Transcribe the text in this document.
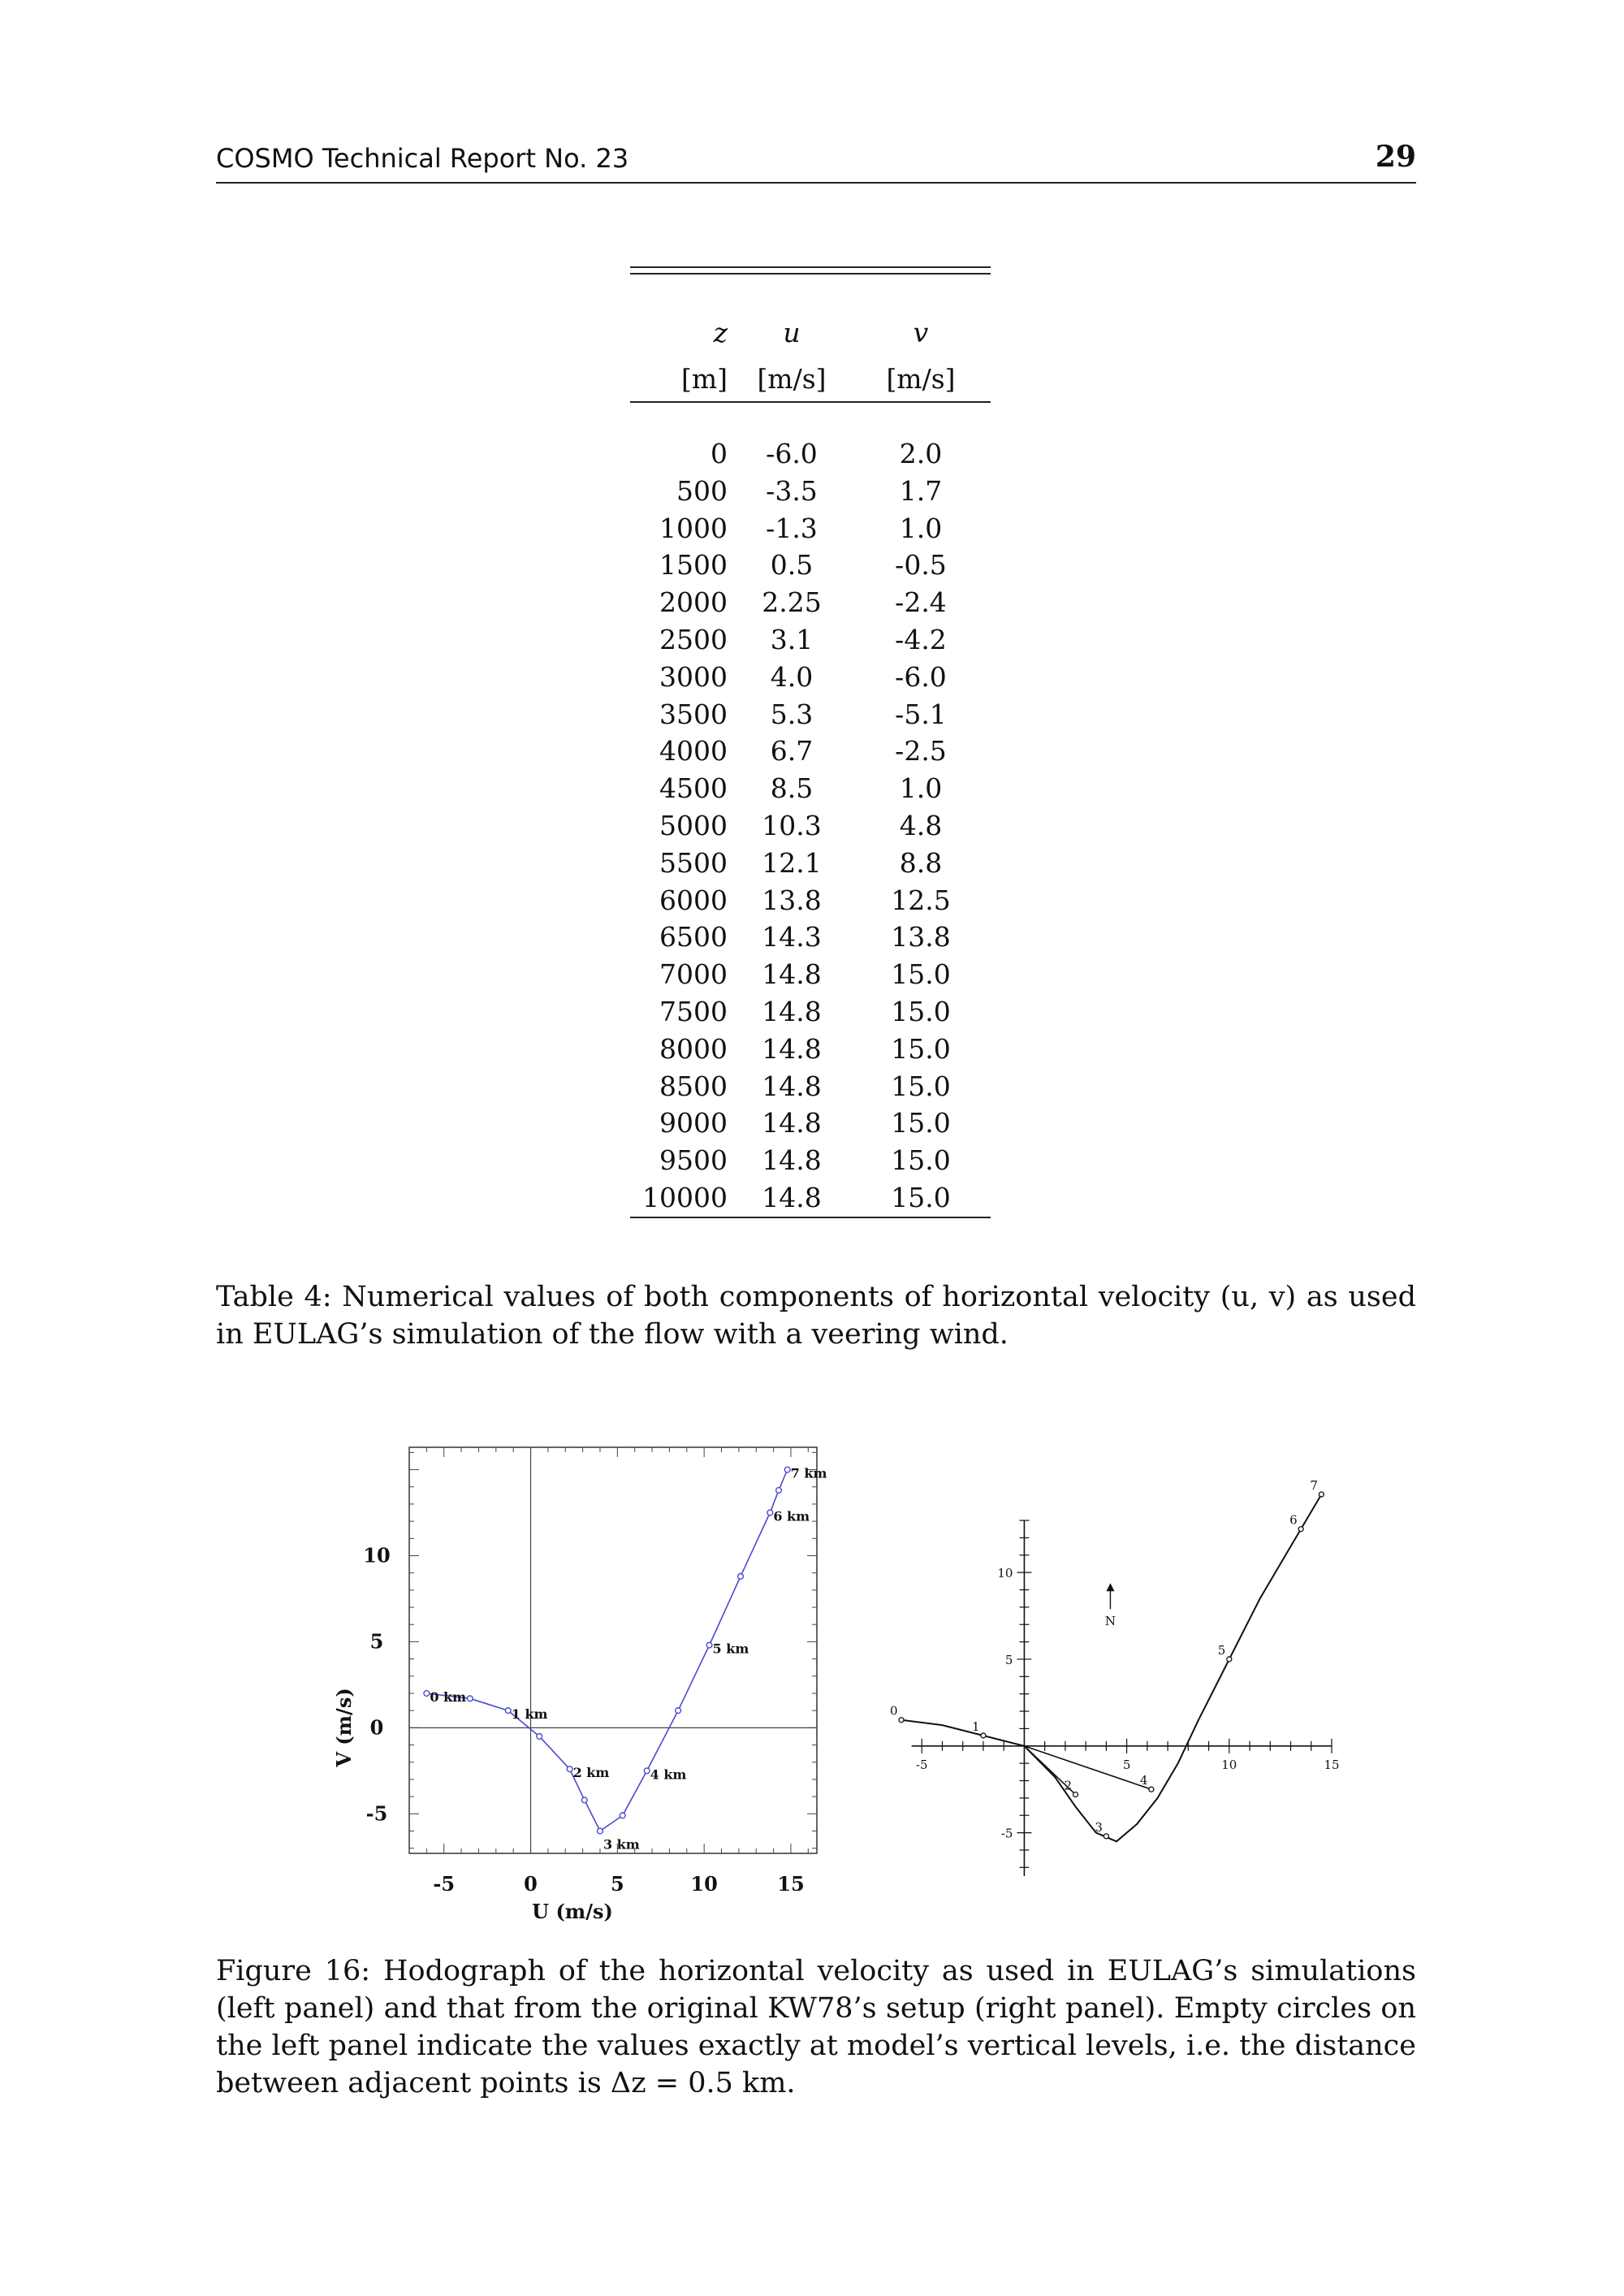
COSMO Technical Report No. 23	29
z	u	v
[m]	[m/s]	[m/s]

0	-6.0	2.0
500	-3.5	1.7
1000	-1.3	1.0
1500	0.5	-0.5
2000	2.25	-2.4
2500	3.1	-4.2
3000	4.0	-6.0
3500	5.3	-5.1
4000	6.7	-2.5
4500	8.5	1.0
5000	10.3	4.8
5500	12.1	8.8
6000	13.8	12.5
6500	14.3	13.8
7000	14.8	15.0
7500	14.8	15.0
8000	14.8	15.0
8500	14.8	15.0
9000	14.8	15.0
9500	14.8	15.0
10000	14.8	15.0
Table 4: Numerical values of both components of horizontal velocity (u, v) as used in EULAG’s simulation of the flow with a veering wind.
-5	0	5	10	15
-5
0
5
10
U (m/s)
V (m/s)	0 km
1 km
2 km
3 km
4 km
5 km
6 km
7 km
-5	5	10	15
-5
5
10
N
0
1
2
3
4
5
6
7
Figure 16: Hodograph of the horizontal velocity as used in EULAG’s simulations (left panel) and that from the original KW78’s setup (right panel). Empty circles on the left panel indicate the values exactly at model’s vertical levels, i.e. the distance between adjacent points is Δz = 0.5 km.
